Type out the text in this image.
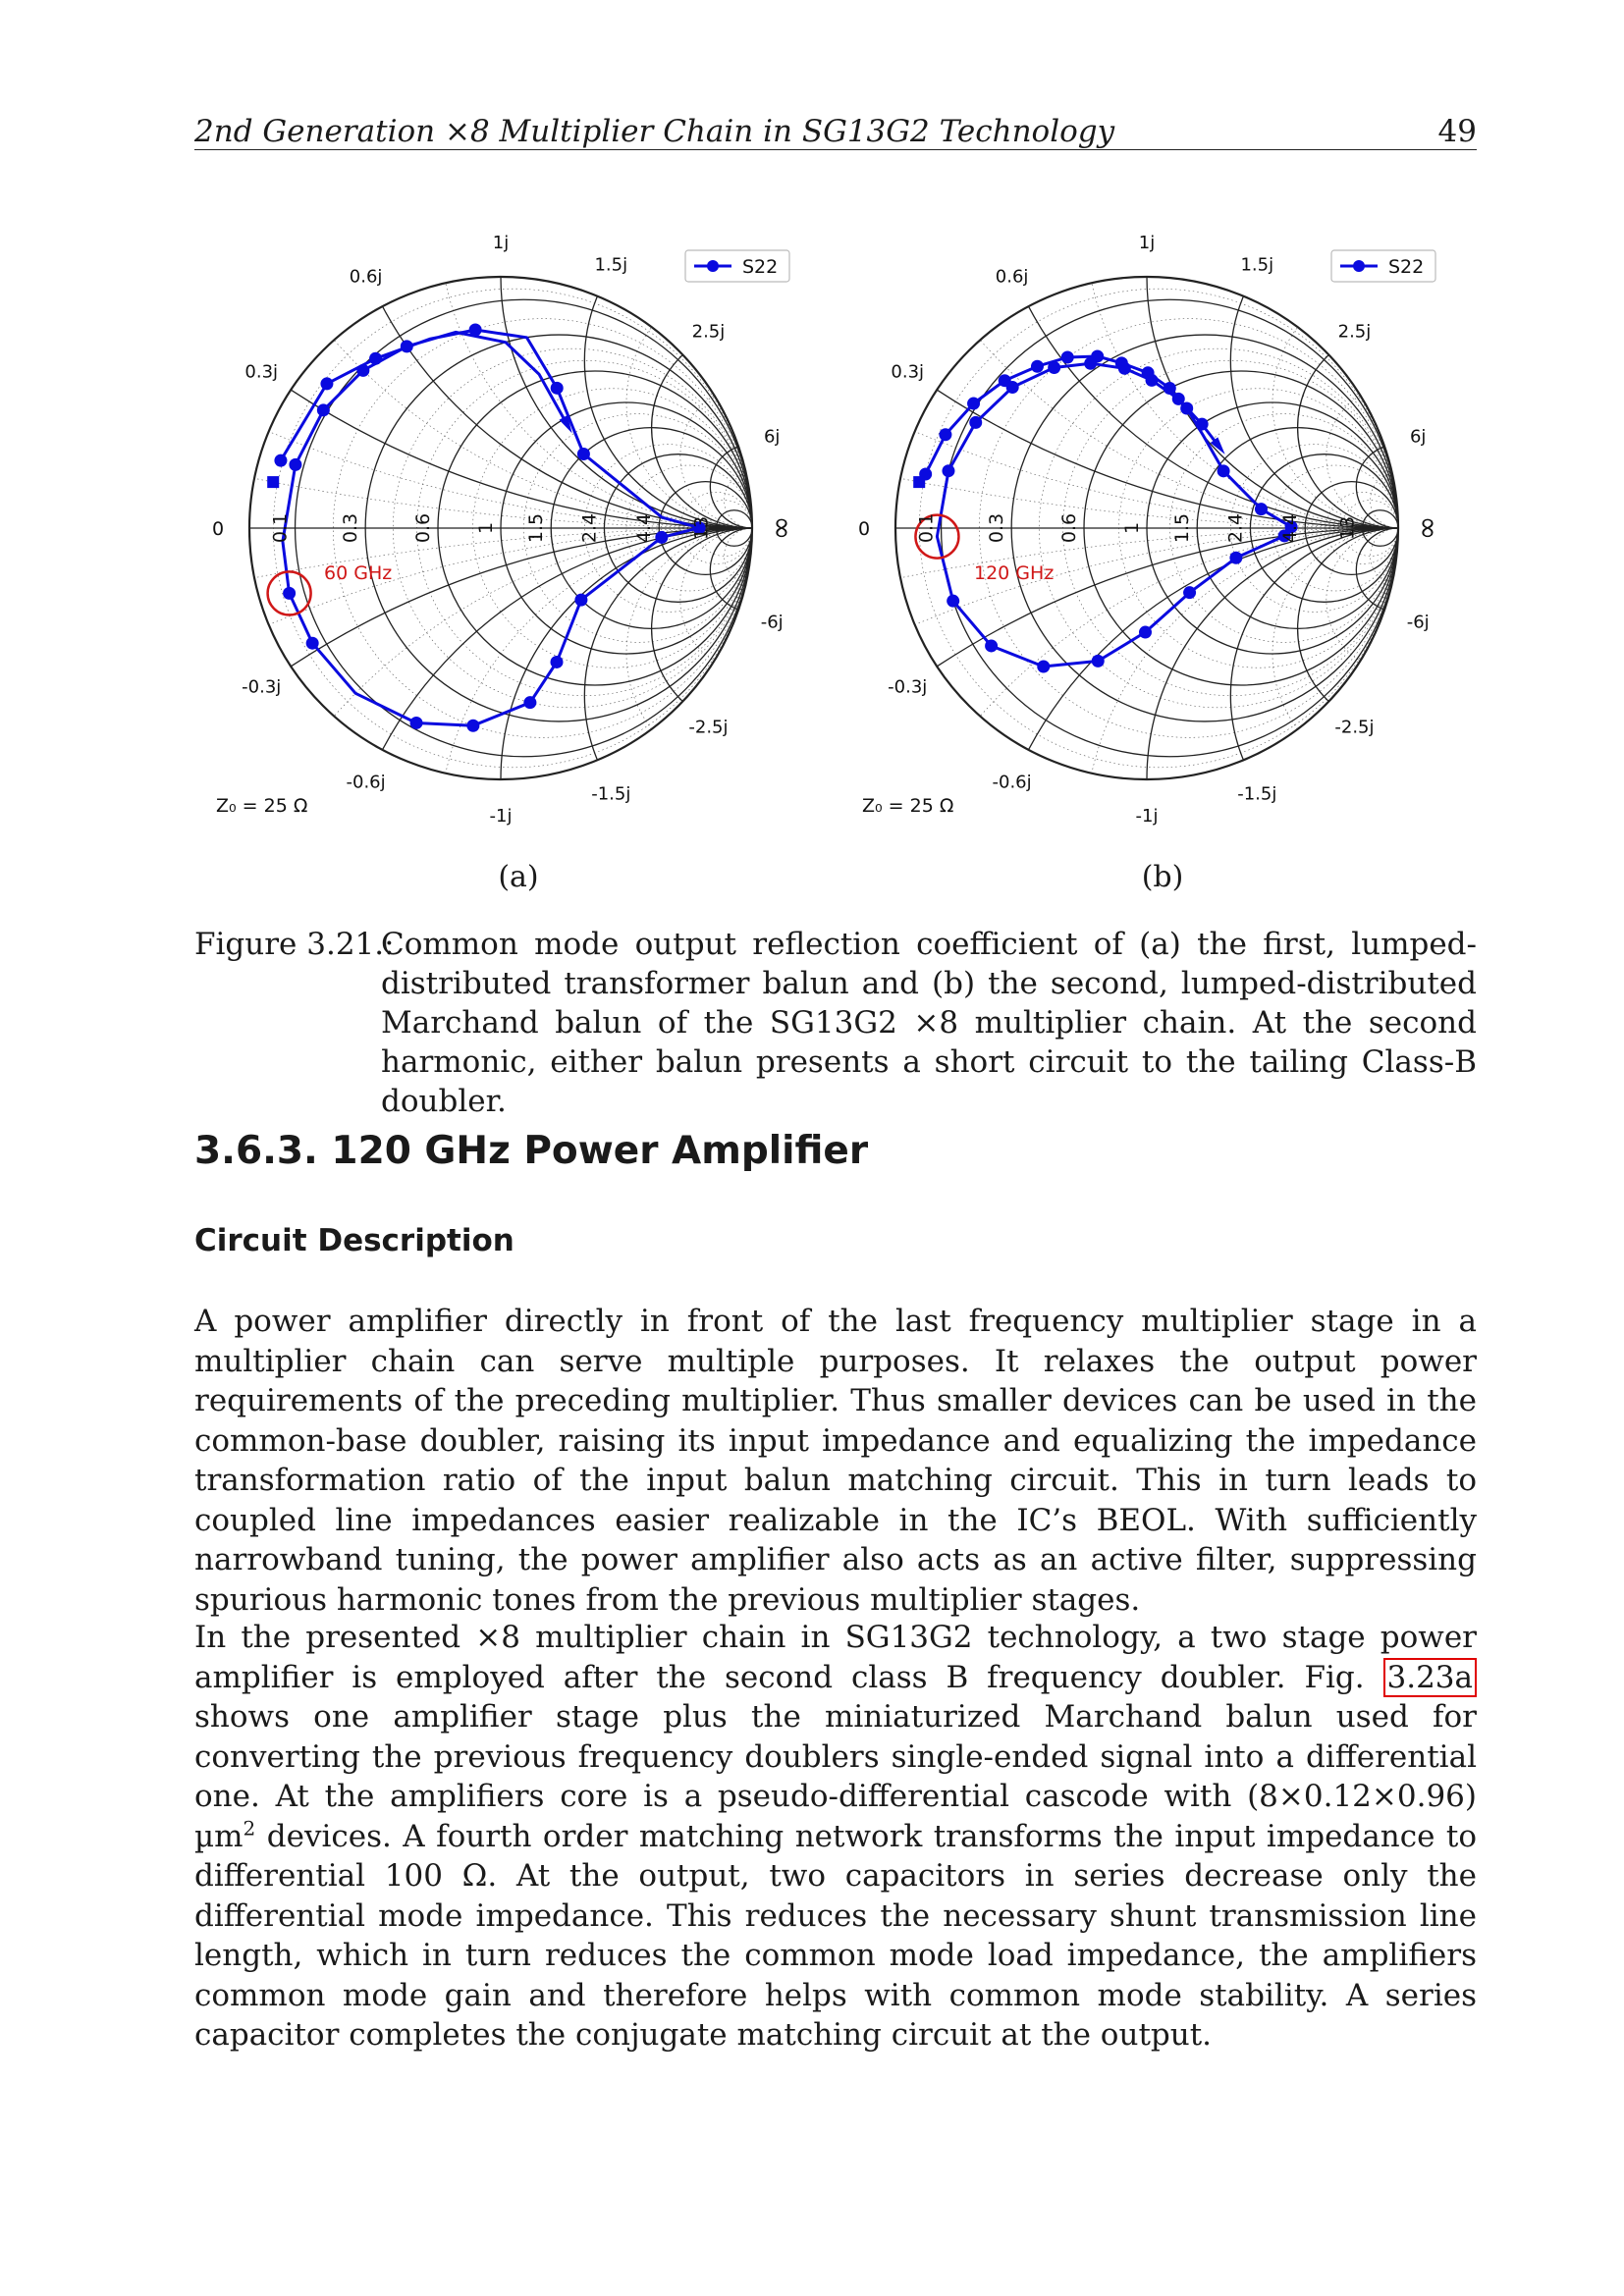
2nd Generation ×8 Multiplier Chain in SG13G2 Technology	49
0.1	0.3	0.6 1 1.5 2.4 4.4 13
0.3j
0.6j
1j
1.5j
2.5j
6j
-6j
-2.5j
-1.5j
-1j
-0.6j
-0.3j
0	∞
S22
Z₀ = 25 Ω
60 GHz
(a)
0.1	0.3	0.6 1 1.5 2.4 4.4 13
0.3j
0.6j
1j
1.5j
2.5j
6j
-6j
-2.5j
-1.5j
-1j
-0.6j
-0.3j
0	∞
S22
Z₀ = 25 Ω
120 GHz
(b)
Figure 3.21.:
Common mode output reflection coefficient of (a) the first, lumped-distributed transformer balun and (b) the second, lumped-distributed Marchand balun of the SG13G2 ×8 multiplier chain. At the second harmonic, either balun presents a short circuit to the tailing Class-B doubler.
3.6.3. 120 GHz Power Amplifier
Circuit Description

A power amplifier directly in front of the last frequency multiplier stage in a multiplier chain can serve multiple purposes. It relaxes the output power requirements of the preceding multiplier. Thus smaller devices can be used in the common-base doubler, raising its input impedance and equalizing the impedance transformation ratio of the input balun matching circuit. This in turn leads to coupled line impedances easier realizable in the IC’s BEOL. With sufficiently narrowband tuning, the power amplifier also acts as an active filter, suppressing spurious harmonic tones from the previous multiplier stages.

In the presented ×8 multiplier chain in SG13G2 technology, a two stage power amplifier is employed after the second class B frequency doubler. Fig. 3.23a shows one amplifier stage plus the miniaturized Marchand balun used for converting the previous frequency doublers single-ended signal into a differential one. At the amplifiers core is a pseudo-differential cascode with (8×0.12×0.96) µm$^2$ devices. A fourth order matching network transforms the input impedance to differential 100 Ω. At the output, two capacitors in series decrease only the differential mode impedance. This reduces the necessary shunt transmission line length, which in turn reduces the common mode load impedance, the amplifiers common mode gain and therefore helps with common mode stability. A series capacitor completes the conjugate matching circuit at the output.
